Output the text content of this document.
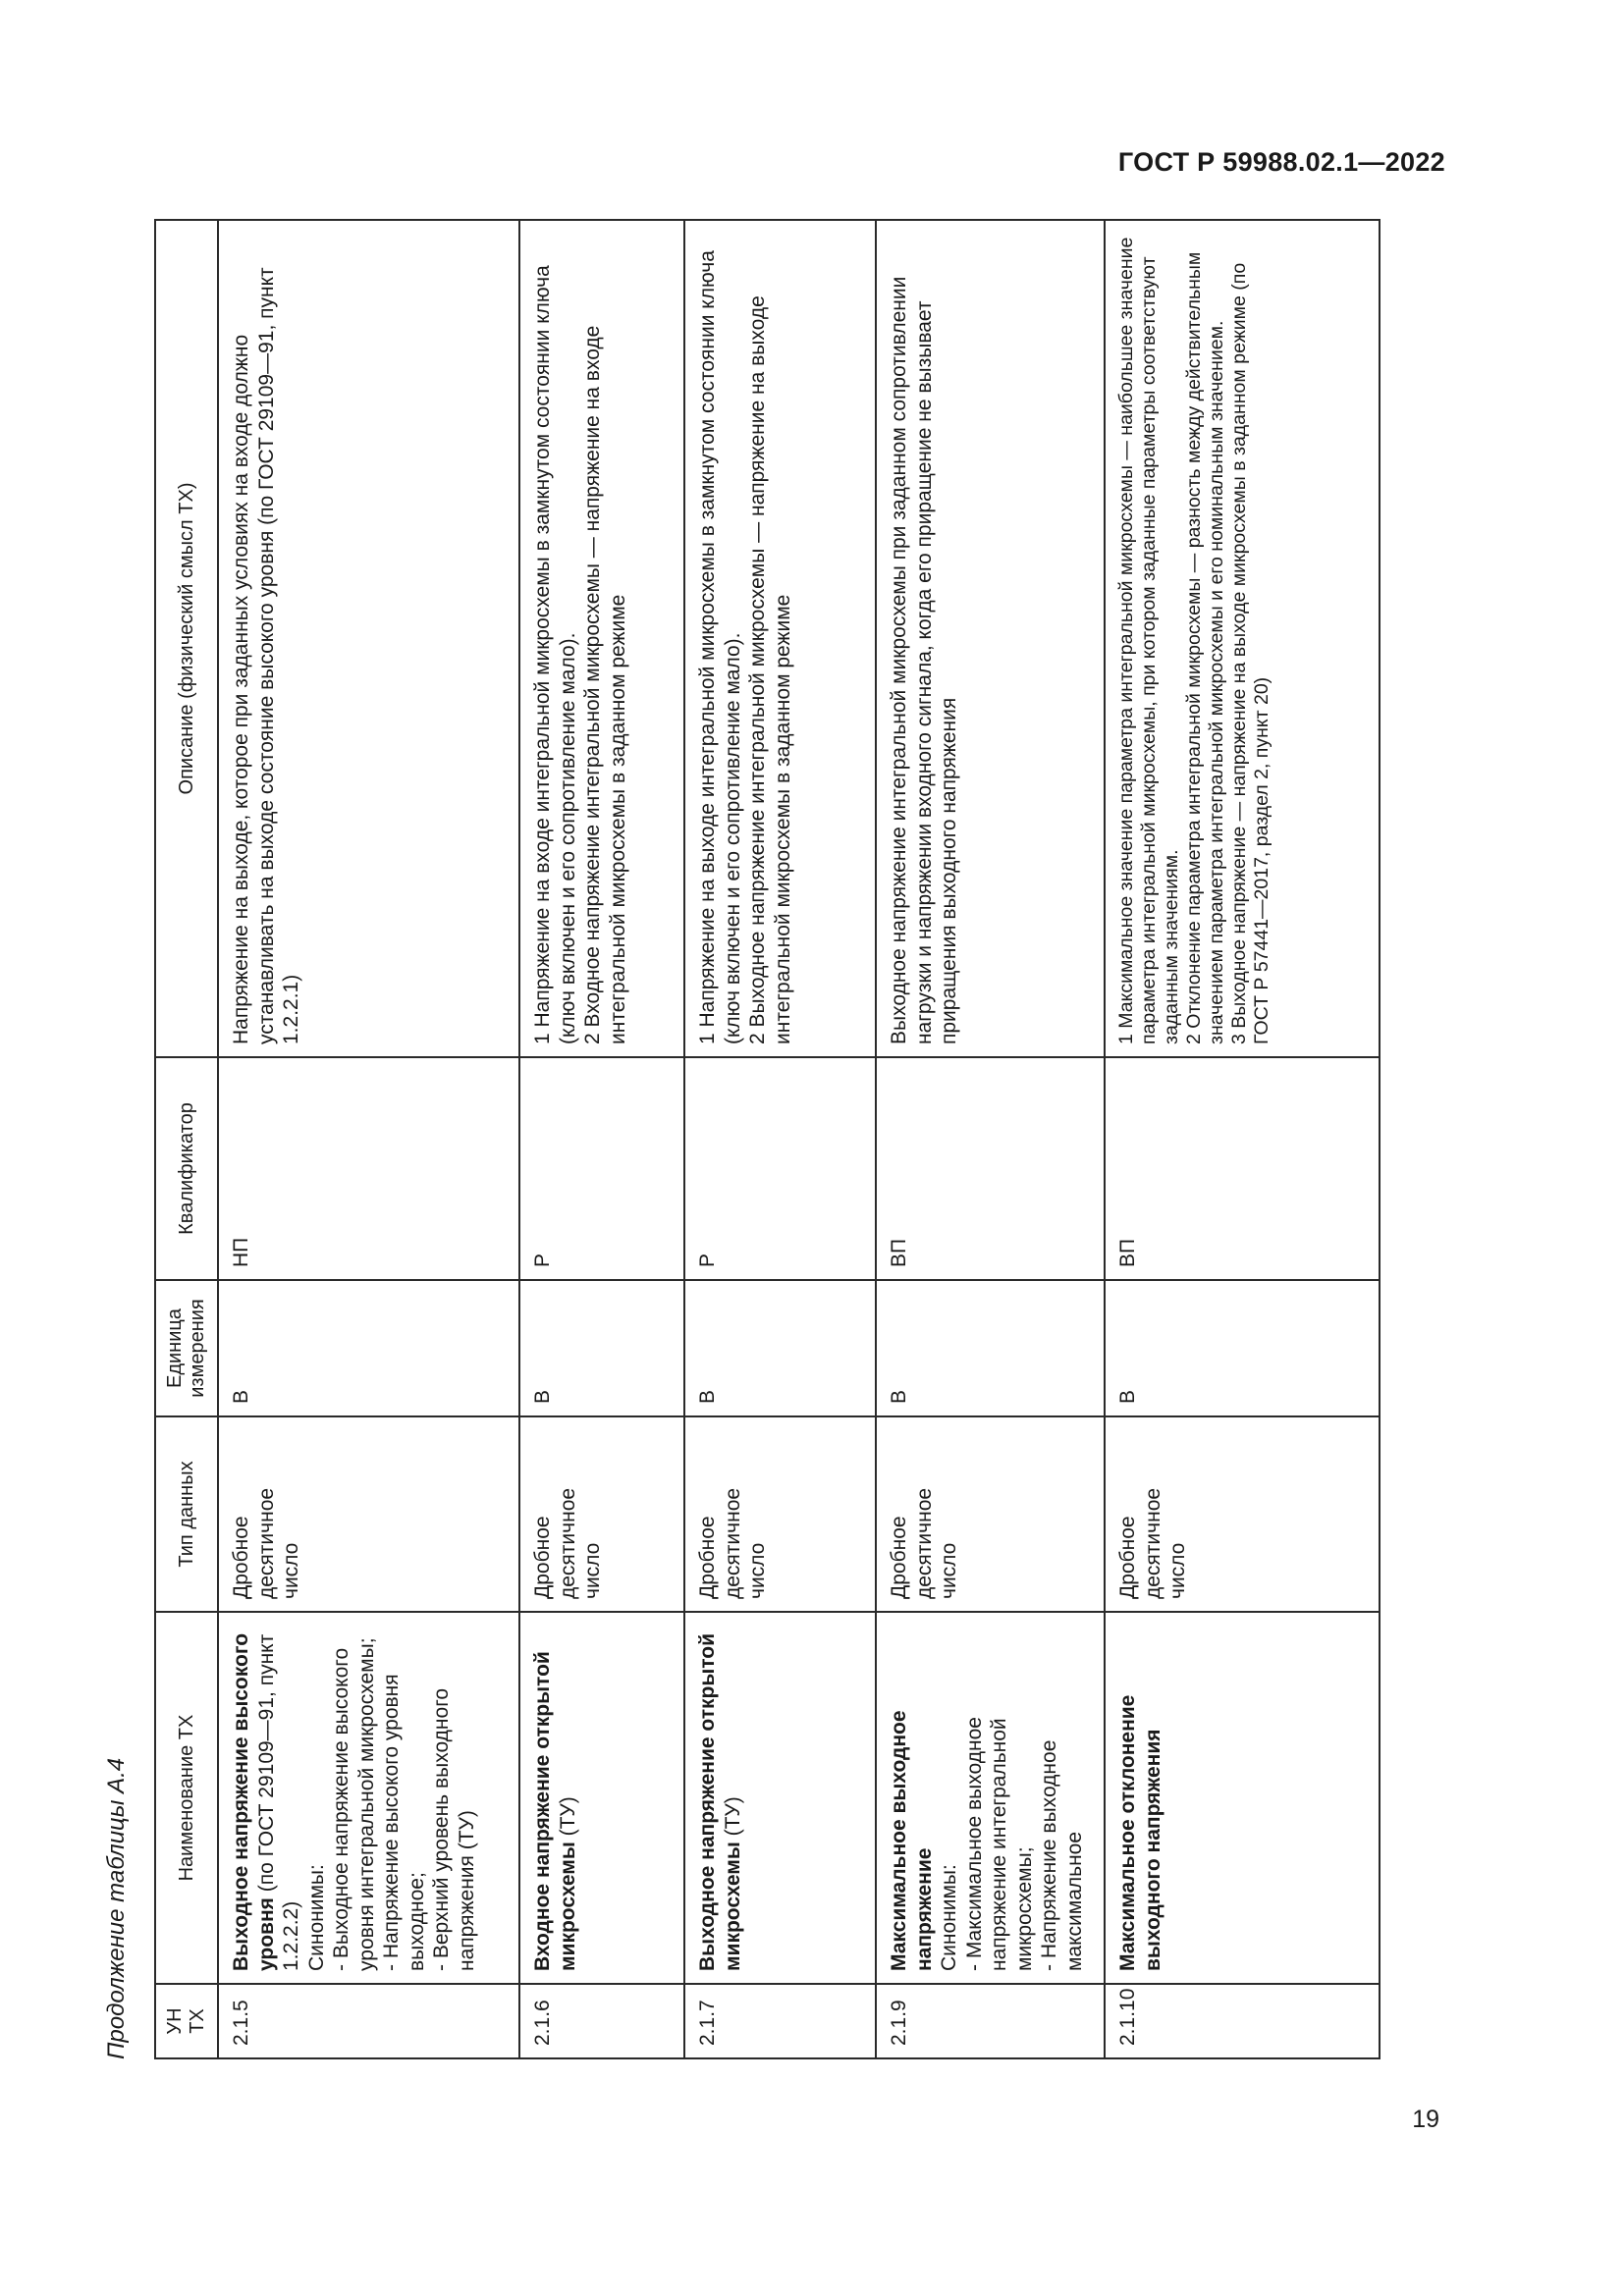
ГОСТ Р 59988.02.1—2022
Продолжение таблицы А.4 УН ТХ	Наименование ТХ	Тип данных	Единица измерения	Квалификатор	Описание (физический смысл ТХ)
2.1.5	Выходное напряжение высокого уровня (по ГОСТ 29109—91, пункт 1.2.2.2) Синонимы: - Выходное напряжение высокого уровня интегральной микросхемы; - Напряжение высокого уровня выходное; - Верхний уровень выходного напряжения (ТУ)	Дробное десятичное число	В	НП	Напряжение на выходе, которое при заданных условиях на входе должно устанавливать на выходе состояние высокого уровня (по ГОСТ 29109—91, пункт 1.2.2.1)

2.1.6	Входное напряжение открытой микросхемы (ТУ)	Дробное десятичное число	В	Р	1 Напряжение на входе интегральной микросхемы в замкнутом состоянии ключа (ключ включен и его сопротивление мало). 2 Входное напряжение интегральной микросхемы — напряжение на входе интегральной микросхемы в заданном режиме

2.1.7	Выходное напряжение открытой микросхемы (ТУ)	Дробное десятичное число	В	Р	1 Напряжение на выходе интегральной микросхемы в замкнутом состоянии ключа (ключ включен и его сопротивление мало). 2 Выходное напряжение интегральной микросхемы — напряжение на выходе интегральной микросхемы в заданном режиме

2.1.9	Максимальное выходное напряжение Синонимы: - Максимальное выходное напряжение интегральной микросхемы; - Напряжение выходное максимальное	Дробное десятичное число	В	ВП	Выходное напряжение интегральной микросхемы при заданном сопротивлении нагрузки и напряжении входного сигнала, когда его приращение не вызывает приращения выходного напряжения

2.1.10	Максимальное отклонение выходного напряжения	Дробное десятичное число	В	ВП	1 Максимальное значение параметра интегральной микросхемы — наибольшее значение параметра интегральной микросхемы, при котором заданные параметры соответствуют заданным значениям. 2 Отклонение параметра интегральной микросхемы — разность между действительным значением параметра интегральной микросхемы и его номинальным значением. 3 Выходное напряжение — напряжение на выходе микросхемы в заданном режиме (по ГОСТ Р 57441—2017, раздел 2, пункт 20)
19
